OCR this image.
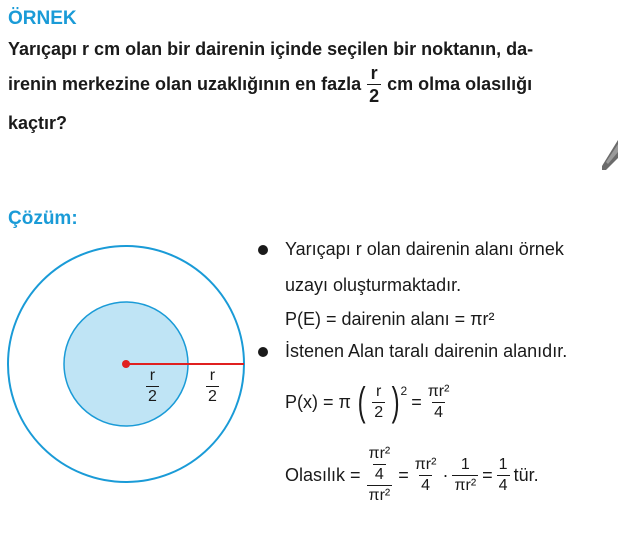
ÖRNEK
Yarıçapı r cm olan bir dairenin içinde seçilen bir noktanın, da-
irenin merkezine olan uzaklığının en fazla $\frac{r}{2}$ cm olma olasılığı
kaçtır?
Çözüm:
$\frac{r}{2}$	$\frac{r}{2}$
Yarıçapı r olan dairenin alanı örnek
uzayı oluşturmaktadır.
P(E) = dairenin alanı = πr²
İstenen Alan taralı dairenin alanıdır.
P(x) = π ( $\frac{r}{2}$ ) 2
= $\frac{\text{πr²}}{4}$
Olasılık = $\frac{\frac{\text{πr²}}{4}}{\text{πr²}} = \frac{\text{πr²}}{4} \cdot \frac{1}{\text{πr²}} = \frac{1}{4}$ tür.
